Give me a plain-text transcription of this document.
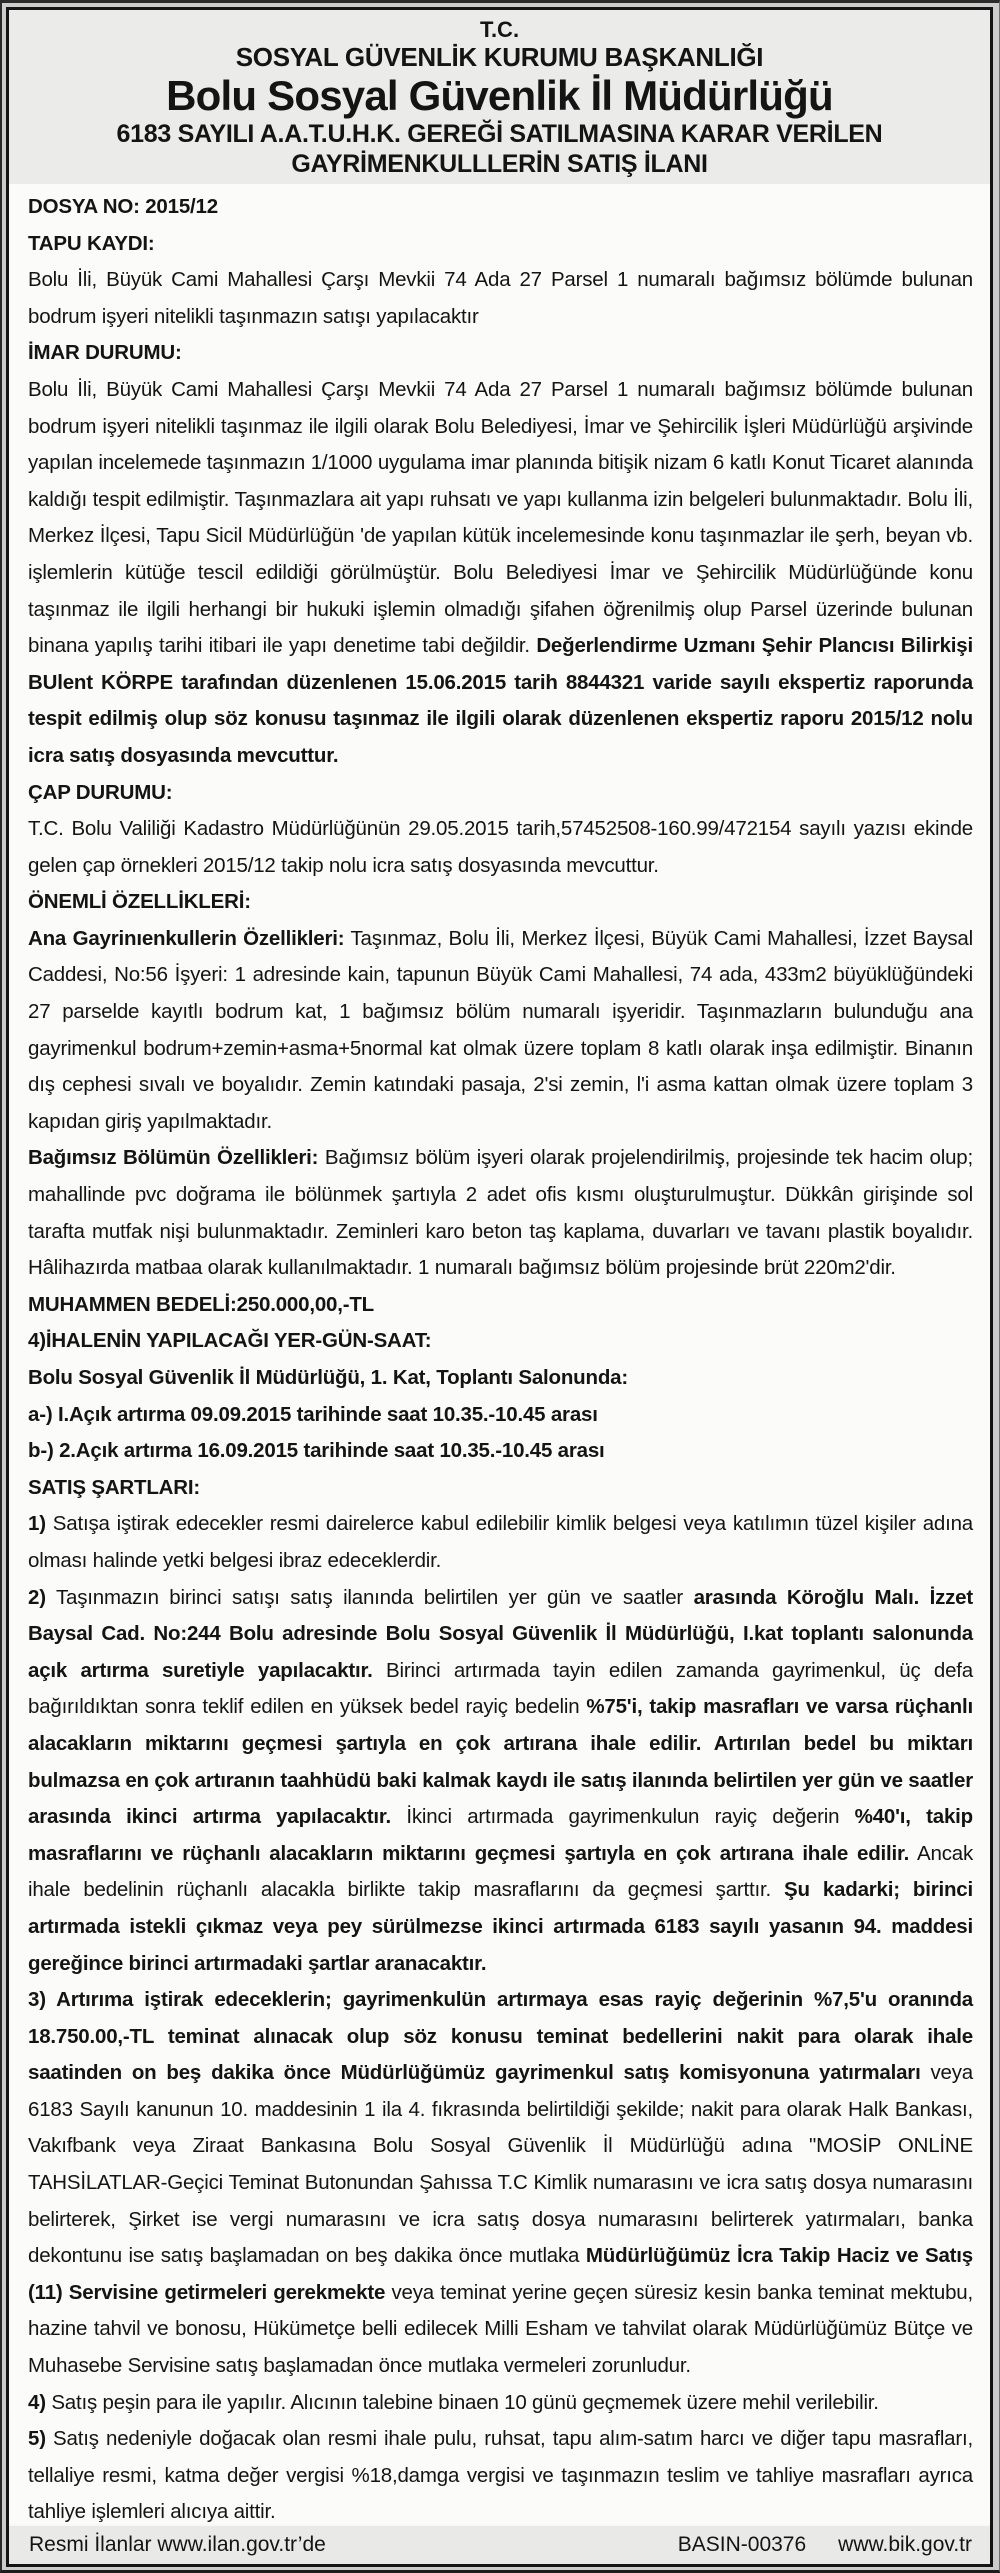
T.C.
SOSYAL GÜVENLİK KURUMU BAŞKANLIĞI
Bolu Sosyal Güvenlik İl Müdürlüğü
6183 SAYILI A.A.T.U.H.K. GEREĞİ SATILMASINA KARAR VERİLEN GAYRİMENKULLLERİN SATIŞ İLANI

DOSYA NO: 2015/12

TAPU KAYDI:

Bolu İli, Büyük Cami Mahallesi Çarşı Mevkii 74 Ada 27 Parsel 1 numaralı bağımsız bölümde bulunan bodrum işyeri nitelikli taşınmazın satışı yapılacaktır

İMAR DURUMU:

Bolu İli, Büyük Cami Mahallesi Çarşı Mevkii 74 Ada 27 Parsel 1 numaralı bağımsız bölümde bulunan bodrum işyeri nitelikli taşınmaz ile ilgili olarak Bolu Belediyesi, İmar ve Şehircilik İşleri Müdürlüğü arşivinde yapılan incelemede taşınmazın 1/1000 uygulama imar planında bitişik nizam 6 katlı Konut Ticaret alanında kaldığı tespit edilmiştir. Taşınmazlara ait yapı ruhsatı ve yapı kullanma izin belgeleri bulunmaktadır. Bolu İli, Merkez İlçesi, Tapu Sicil Müdürlüğün 'de yapılan kütük incelemesinde konu taşınmazlar ile şerh, beyan vb. işlemlerin kütüğe tescil edildiği görülmüştür. Bolu Belediyesi İmar ve Şehircilik Müdürlüğünde konu taşınmaz ile ilgili herhangi bir hukuki işlemin olmadığı şifahen öğrenilmiş olup Parsel üzerinde bulunan binana yapılış tarihi itibari ile yapı denetime tabi değildir. Değerlendirme Uzmanı Şehir Plancısı Bilirkişi BUlent KÖRPE tarafından düzenlenen 15.06.2015 tarih 8844321 varide sayılı ekspertiz raporunda tespit edilmiş olup söz konusu taşınmaz ile ilgili olarak düzenlenen ekspertiz raporu 2015/12 nolu icra satış dosyasında mevcuttur.

ÇAP DURUMU:

T.C. Bolu Valiliği Kadastro Müdürlüğünün 29.05.2015 tarih,57452508-160.99/472154 sayılı yazısı ekinde gelen çap örnekleri 2015/12 takip nolu icra satış dosyasında mevcuttur.

ÖNEMLİ ÖZELLİKLERİ:

Ana Gayrinıenkullerin Özellikleri: Taşınmaz, Bolu İli, Merkez İlçesi, Büyük Cami Mahallesi, İzzet Baysal Caddesi, No:56 İşyeri: 1 adresinde kain, tapunun Büyük Cami Mahallesi, 74 ada, 433m2 büyüklüğündeki 27 parselde kayıtlı bodrum kat, 1 bağımsız bölüm numaralı işyeridir. Taşınmazların bulunduğu ana gayrimenkul bodrum+zemin+asma+5normal kat olmak üzere toplam 8 katlı olarak inşa edilmiştir. Binanın dış cephesi sıvalı ve boyalıdır. Zemin katındaki pasaja, 2'si zemin, l'i asma kattan olmak üzere toplam 3 kapıdan giriş yapılmaktadır.

Bağımsız Bölümün Özellikleri: Bağımsız bölüm işyeri olarak projelendirilmiş, projesinde tek hacim olup; mahallinde pvc doğrama ile bölünmek şartıyla 2 adet ofis kısmı oluşturulmuştur. Dükkân girişinde sol tarafta mutfak nişi bulunmaktadır. Zeminleri karo beton taş kaplama, duvarları ve tavanı plastik boyalıdır. Hâlihazırda matbaa olarak kullanılmaktadır. 1 numaralı bağımsız bölüm projesinde brüt 220m2'dir.

MUHAMMEN BEDELİ:250.000,00,-TL

4)İHALENİN YAPILACAĞI YER-GÜN-SAAT:

Bolu Sosyal Güvenlik İl Müdürlüğü, 1. Kat, Toplantı Salonunda:

a-) I.Açık artırma 09.09.2015 tarihinde saat 10.35.-10.45 arası

b-) 2.Açık artırma 16.09.2015 tarihinde saat 10.35.-10.45 arası

SATIŞ ŞARTLARI:

1) Satışa iştirak edecekler resmi dairelerce kabul edilebilir kimlik belgesi veya katılımın tüzel kişiler adına olması halinde yetki belgesi ibraz edeceklerdir.

2) Taşınmazın birinci satışı satış ilanında belirtilen yer gün ve saatler arasında Köroğlu Malı. İzzet Baysal Cad. No:244 Bolu adresinde Bolu Sosyal Güvenlik İl Müdürlüğü, I.kat toplantı salonunda açık artırma suretiyle yapılacaktır. Birinci artırmada tayin edilen zamanda gayrimenkul, üç defa bağırıldıktan sonra teklif edilen en yüksek bedel rayiç bedelin %75'i, takip masrafları ve varsa rüçhanlı alacakların miktarını geçmesi şartıyla en çok artırana ihale edilir. Artırılan bedel bu miktarı bulmazsa en çok artıranın taahhüdü baki kalmak kaydı ile satış ilanında belirtilen yer gün ve saatler arasında ikinci artırma yapılacaktır. İkinci artırmada gayrimenkulun rayiç değerin %40'ı, takip masraflarını ve rüçhanlı alacakların miktarını geçmesi şartıyla en çok artırana ihale edilir. Ancak ihale bedelinin rüçhanlı alacakla birlikte takip masraflarını da geçmesi şarttır. Şu kadarki; birinci artırmada istekli çıkmaz veya pey sürülmezse ikinci artırmada 6183 sayılı yasanın 94. maddesi gereğince birinci artırmadaki şartlar aranacaktır.

3) Artırıma iştirak edeceklerin; gayrimenkulün artırmaya esas rayiç değerinin %7,5'u oranında 18.750.00,-TL teminat alınacak olup söz konusu teminat bedellerini nakit para olarak ihale saatinden on beş dakika önce Müdürlüğümüz gayrimenkul satış komisyonuna yatırmaları veya 6183 Sayılı kanunun 10. maddesinin 1 ila 4. fıkrasında belirtildiği şekilde; nakit para olarak Halk Bankası, Vakıfbank veya Ziraat Bankasına Bolu Sosyal Güvenlik İl Müdürlüğü adına "MOSİP ONLİNE TAHSİLATLAR-Geçici Teminat Butonundan Şahıssa T.C Kimlik numarasını ve icra satış dosya numarasını belirterek, Şirket ise vergi numarasını ve icra satış dosya numarasını belirterek yatırmaları, banka dekontunu ise satış başlamadan on beş dakika önce mutlaka Müdürlüğümüz İcra Takip Haciz ve Satış (11) Servisine getirmeleri gerekmekte veya teminat yerine geçen süresiz kesin banka teminat mektubu, hazine tahvil ve bonosu, Hükümetçe belli edilecek Milli Esham ve tahvilat olarak Müdürlüğümüz Bütçe ve Muhasebe Servisine satış başlamadan önce mutlaka vermeleri zorunludur.

4) Satış peşin para ile yapılır. Alıcının talebine binaen 10 günü geçmemek üzere mehil verilebilir.

5) Satış nedeniyle doğacak olan resmi ihale pulu, ruhsat, tapu alım-satım harcı ve diğer tapu masrafları, tellaliye resmi, katma değer vergisi %18,damga vergisi ve taşınmazın teslim ve tahliye masrafları ayrıca tahliye işlemleri alıcıya aittir.

Resmi İlanlar www.ilan.gov.tr’de	BASIN-00376 www.bik.gov.tr
